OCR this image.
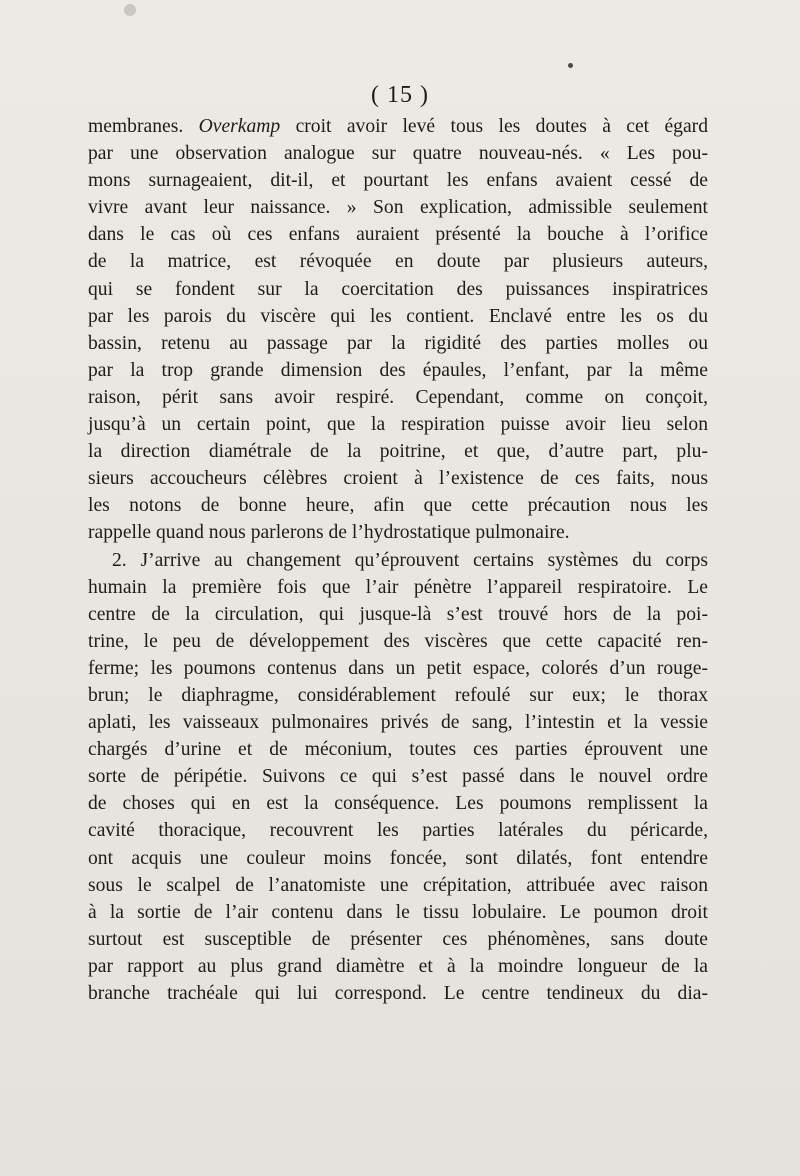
( 15 )
membranes. Overkamp croit avoir levé tous les doutes à cet égard
par une observation analogue sur quatre nouveau-nés. « Les pou-
mons surnageaient, dit-il, et pourtant les enfans avaient cessé de
vivre avant leur naissance. » Son explication, admissible seulement
dans le cas où ces enfans auraient présenté la bouche à l’orifice
de la matrice, est révoquée en doute par plusieurs auteurs,
qui se fondent sur la coercitation des puissances inspiratrices
par les parois du viscère qui les contient. Enclavé entre les os du
bassin, retenu au passage par la rigidité des parties molles ou
par la trop grande dimension des épaules, l’enfant, par la même
raison, périt sans avoir respiré. Cependant, comme on conçoit,
jusqu’à un certain point, que la respiration puisse avoir lieu selon
la direction diamétrale de la poitrine, et que, d’autre part, plu-
sieurs accoucheurs célèbres croient à l’existence de ces faits, nous
les notons de bonne heure, afin que cette précaution nous les
rappelle quand nous parlerons de l’hydrostatique pulmonaire.
2. J’arrive au changement qu’éprouvent certains systèmes du corps
humain la première fois que l’air pénètre l’appareil respiratoire. Le
centre de la circulation, qui jusque-là s’est trouvé hors de la poi-
trine, le peu de développement des viscères que cette capacité ren-
ferme; les poumons contenus dans un petit espace, colorés d’un rouge-
brun; le diaphragme, considérablement refoulé sur eux; le thorax
aplati, les vaisseaux pulmonaires privés de sang, l’intestin et la vessie
chargés d’urine et de méconium, toutes ces parties éprouvent une
sorte de péripétie. Suivons ce qui s’est passé dans le nouvel ordre
de choses qui en est la conséquence. Les poumons remplissent la
cavité thoracique, recouvrent les parties latérales du péricarde,
ont acquis une couleur moins foncée, sont dilatés, font entendre
sous le scalpel de l’anatomiste une crépitation, attribuée avec raison
à la sortie de l’air contenu dans le tissu lobulaire. Le poumon droit
surtout est susceptible de présenter ces phénomènes, sans doute
par rapport au plus grand diamètre et à la moindre longueur de la
branche trachéale qui lui correspond. Le centre tendineux du dia-
